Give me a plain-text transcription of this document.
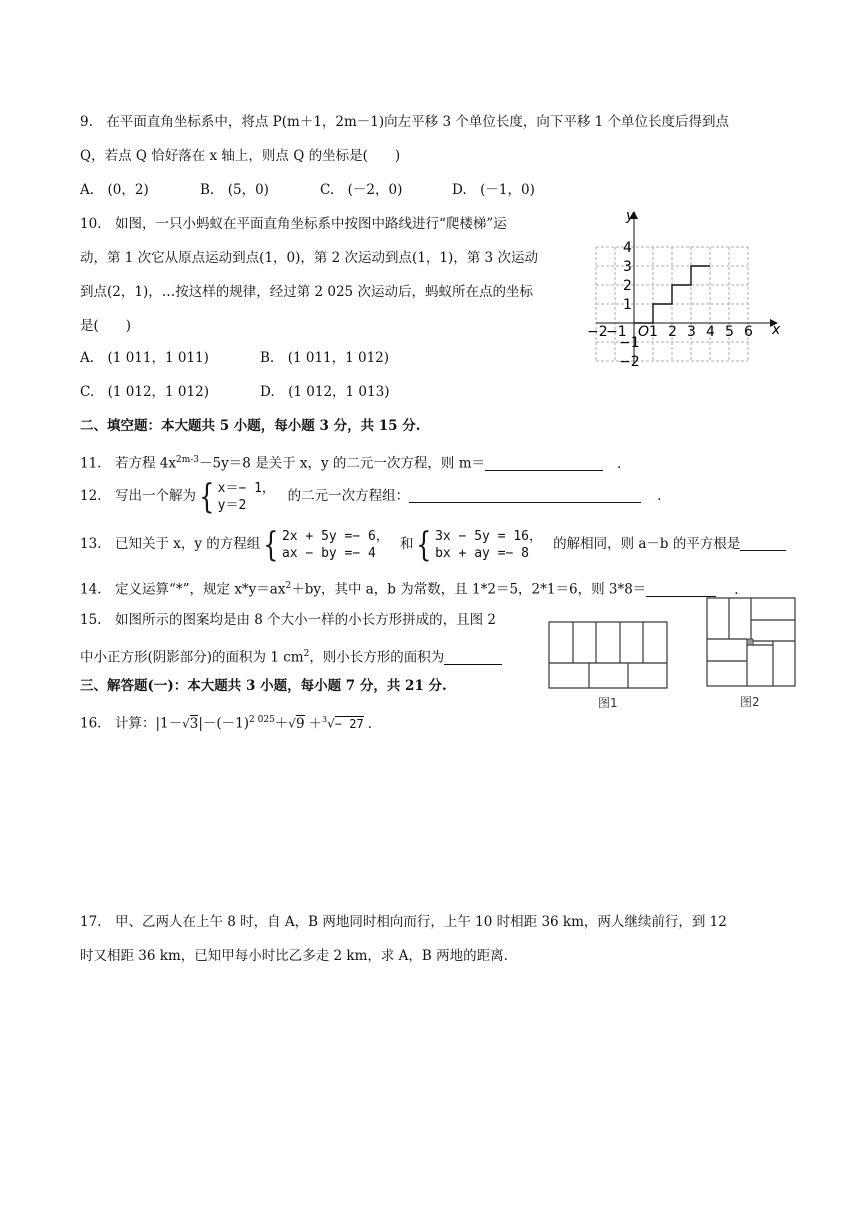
9.　在平面直角坐标系中，将点 P(m＋1，2m－1)向左平移 3 个单位长度，向下平移 1 个单位长度后得到点
Q，若点 Q 恰好落在 x 轴上，则点 Q 的坐标是(　　)
A.　(0，2)	B.　(5，0)	C.　(－2，0)	D.　(－1，0)
10.　如图，一只小蚂蚁在平面直角坐标系中按图中路线进行“爬楼梯”运
动，第 1 次它从原点运动到点(1，0)，第 2 次运动到点(1，1)，第 3 次运动
到点(2，1)，…按这样的规律，经过第 2 025 次运动后，蚂蚁所在点的坐标
是(　　)
A.　(1 011，1 011)	B.　(1 011，1 012)
C.　(1 012，1 012)	D.　(1 012，1 013)
y
x
O
−2
−1 1 2 3 4 5 6
4
3
2
1
−1
−2
二、填空题：本大题共 5 小题，每小题 3 分，共 15 分.
11.　若方程 $4x^{2m-3}-5y=8$ 是关于 x，y 的二元一次方程，则 m＝	.
12.　写出一个解为{ x＝− 1，
y＝2
的二元一次方程组：	.
13.　已知关于 x，y 的方程组{ 2x + 5y =− 6，
ax − by =− 4
和{ 3x − 5y = 16，
bx + ay =− 8
的解相同，则 a－b 的平方根是
14.　定义运算“*”，规定 $x*y=ax^2+by$，其中 a，b 为常数，且 1*2＝5，2*1＝6，则 3*8＝	.
15.　如图所示的图案均是由 8 个大小一样的小长方形拼成的，且图 2
中小正方形(阴影部分)的面积为 1 $cm^2$，则小长方形的面积为
图1	图2
三、解答题(一)：本大题共 3 小题，每小题 7 分，共 21 分.
16.　计算：$|1-√3|-(-1)^{2 025}+√9 +^3√- 27$ .
17.　甲、乙两人在上午 8 时，自 A，B 两地同时相向而行，上午 10 时相距 36 km，两人继续前行，到 12
时又相距 36 km，已知甲每小时比乙多走 2 km，求 A，B 两地的距离.
